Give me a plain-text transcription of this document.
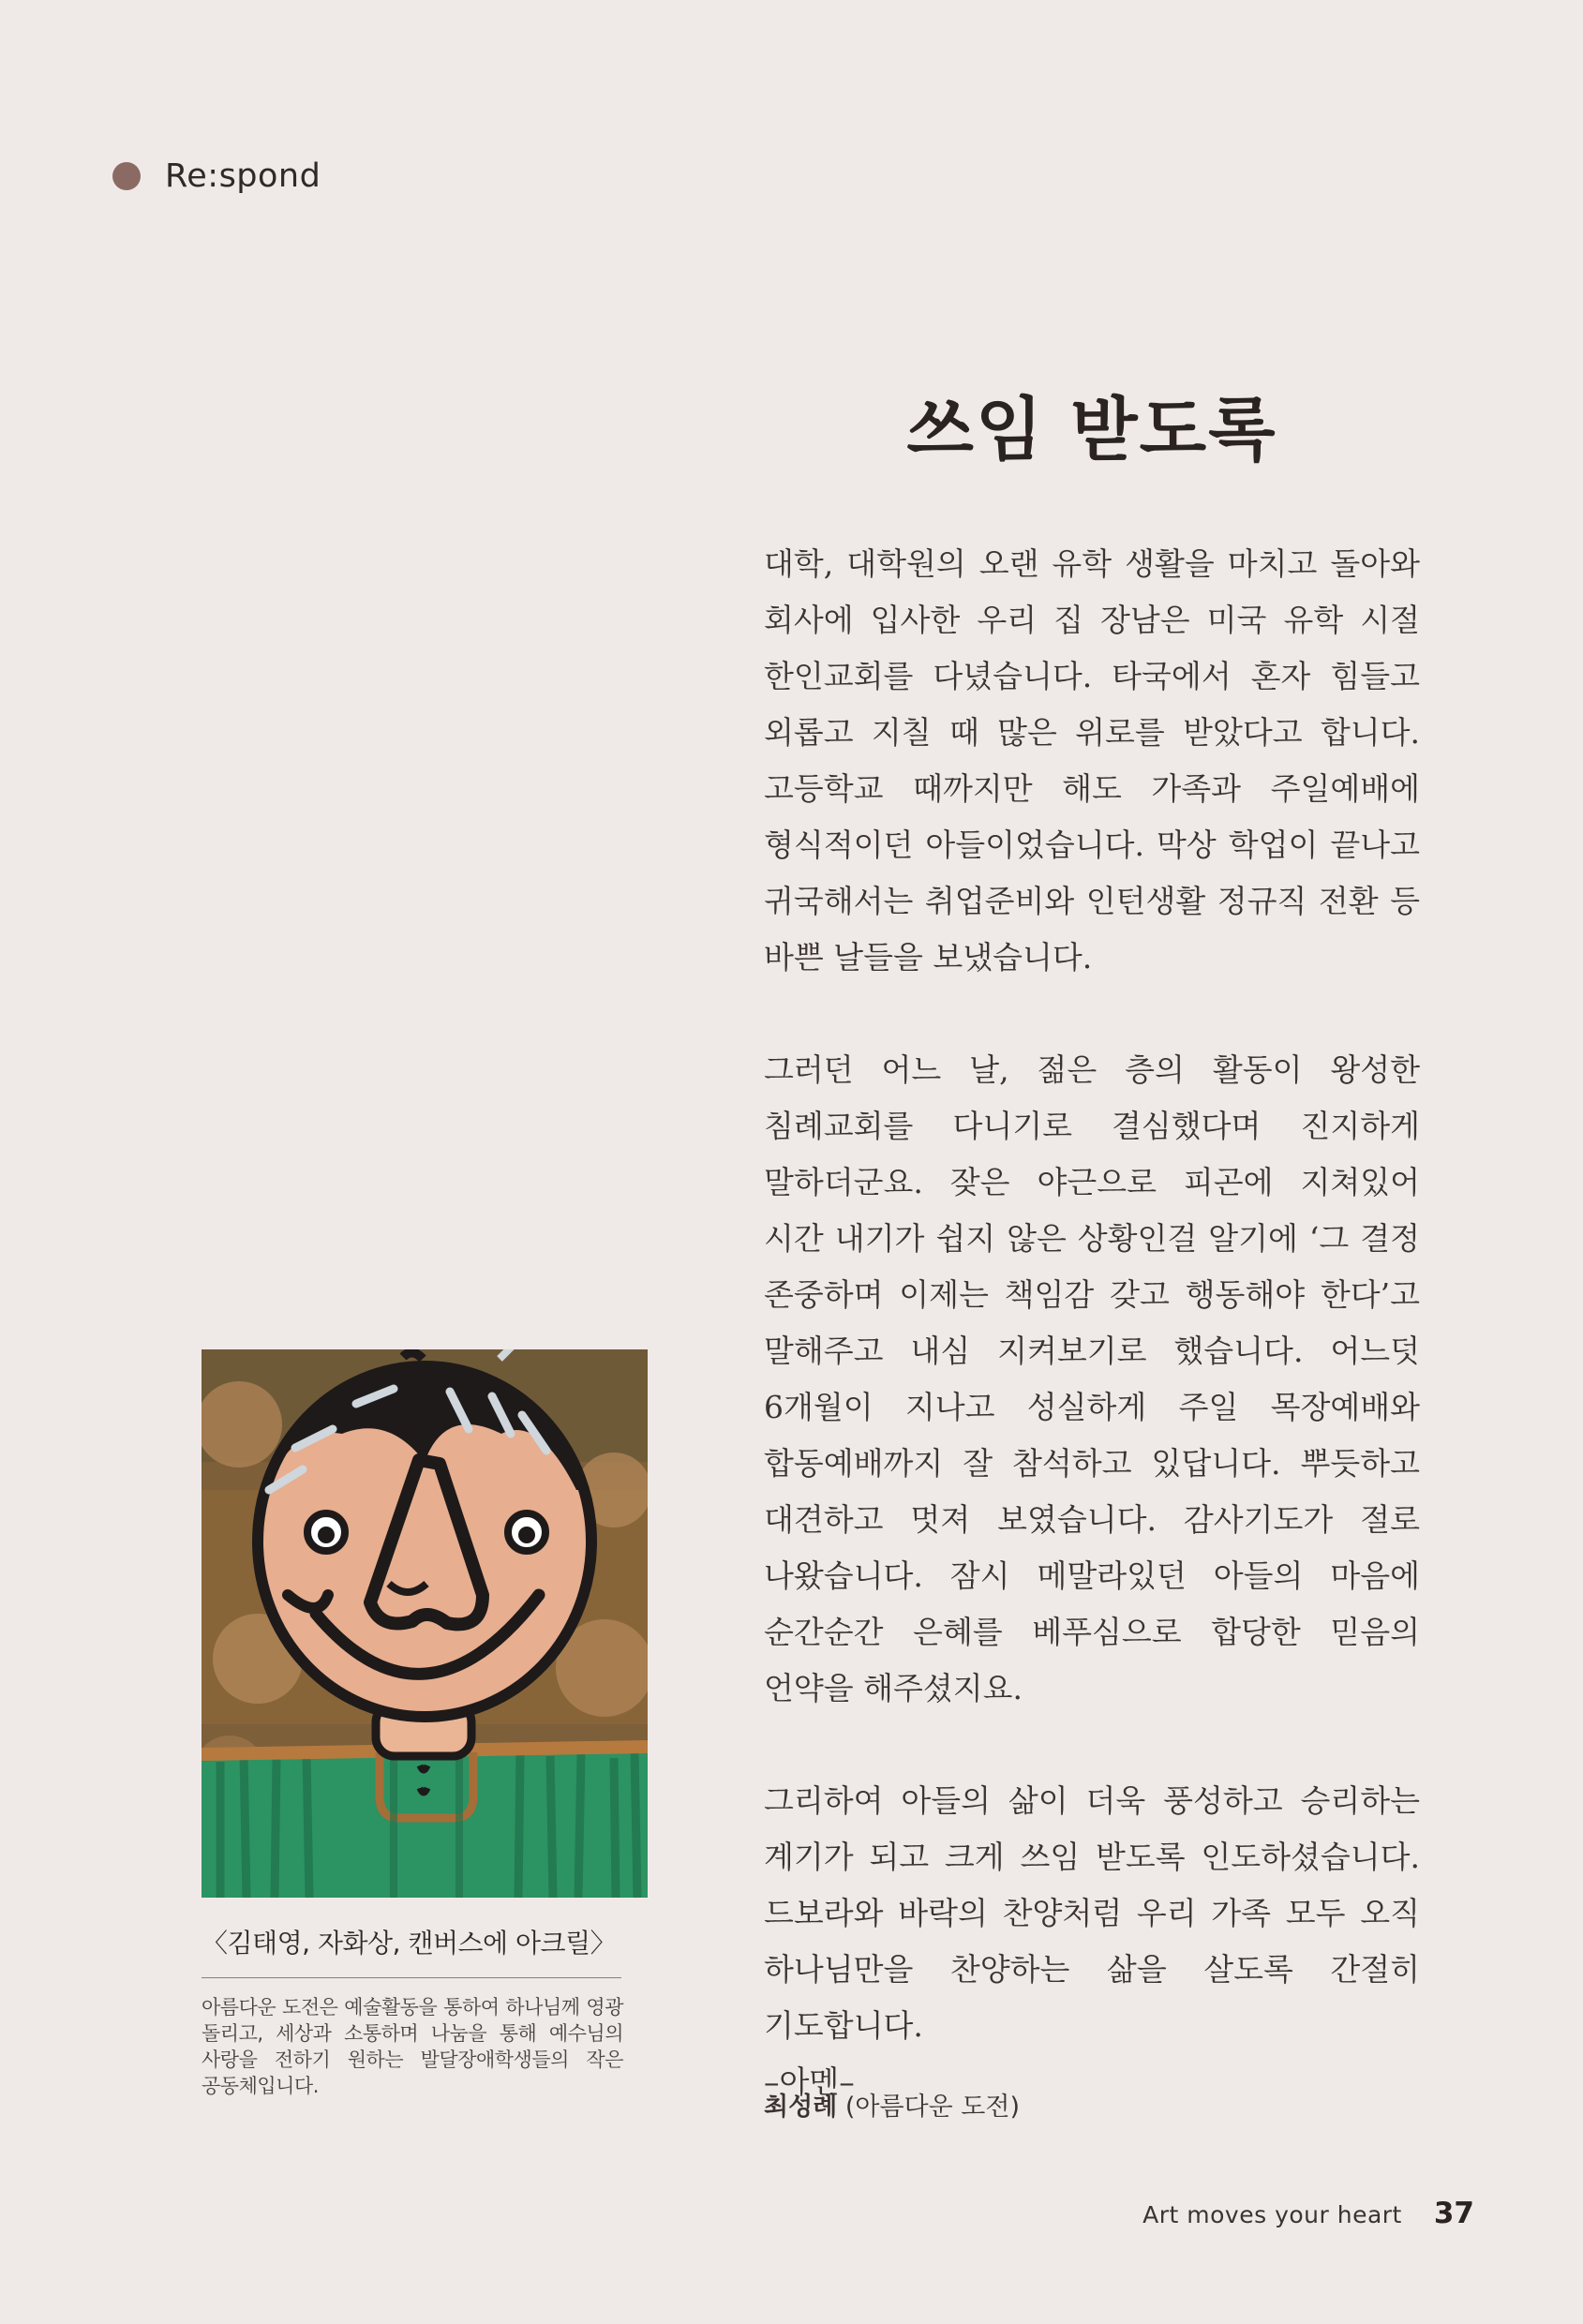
Re:spond
쓰임 받도록

대학, 대학원의 오랜 유학 생활을 마치고 돌아와 회사에 입사한 우리 집 장남은 미국 유학 시절 한인교회를 다녔습니다. 타국에서 혼자 힘들고 외롭고 지칠 때 많은 위로를 받았다고 합니다. 고등학교 때까지만 해도 가족과 주일예배에 형식적이던 아들이었습니다. 막상 학업이 끝나고 귀국해서는 취업준비와 인턴생활 정규직 전환 등 바쁜 날들을 보냈습니다.

그러던 어느 날, 젊은 층의 활동이 왕성한 침례교회를 다니기로 결심했다며 진지하게 말하더군요. 잦은 야근으로 피곤에 지쳐있어 시간 내기가 쉽지 않은 상황인걸 알기에 ‘그 결정 존중하며 이제는 책임감 갖고 행동해야 한다’고 말해주고 내심 지켜보기로 했습니다. 어느덧 6개월이 지나고 성실하게 주일 목장예배와 합동예배까지 잘 참석하고 있답니다. 뿌듯하고 대견하고 멋져 보였습니다. 감사기도가 절로 나왔습니다. 잠시 메말라있던 아들의 마음에 순간순간 은혜를 베푸심으로 합당한 믿음의 언약을 해주셨지요.

그리하여 아들의 삶이 더욱 풍성하고 승리하는 계기가 되고 크게 쓰임 받도록 인도하셨습니다. 드보라와 바락의 찬양처럼 우리 가족 모두 오직 하나님만을 찬양하는 삶을 살도록 간절히 기도합니다.
–아멘–

최성례 (아름다운 도전)
〈김태영, 자화상, 캔버스에 아크릴〉
아름다운 도전은 예술활동을 통하여 하나님께 영광 돌리고, 세상과 소통하며 나눔을 통해 예수님의 사랑을 전하기 원하는 발달장애학생들의 작은 공동체입니다.
Art moves your heart 37
